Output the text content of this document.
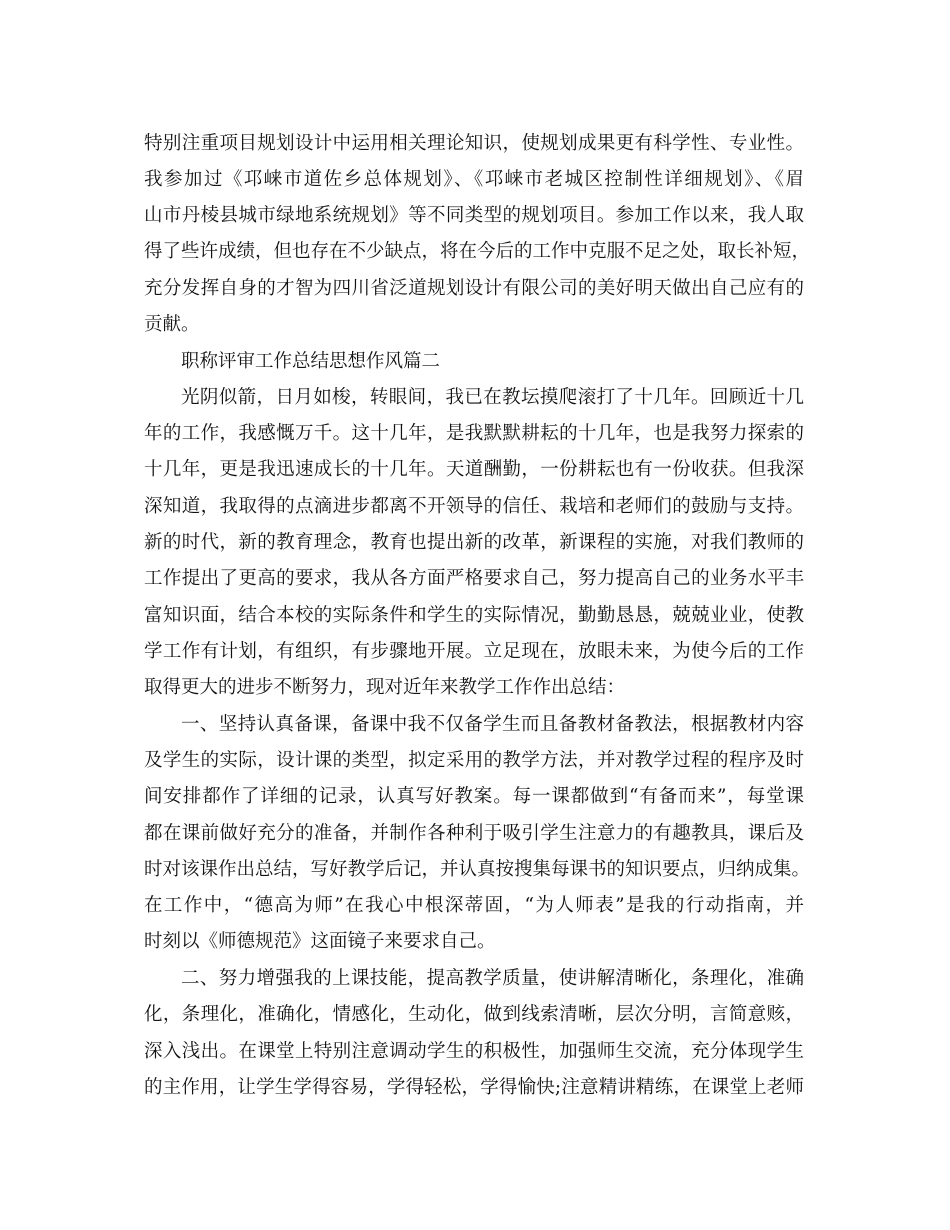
特别注重项目规划设计中运用相关理论知识，使规划成果更有科学性、专业性。
我参加过《邛崃市道佐乡总体规划》、《邛崃市老城区控制性详细规划》、《眉
山市丹棱县城市绿地系统规划》等不同类型的规划项目。参加工作以来，我人取
得了些许成绩，但也存在不少缺点，将在今后的工作中克服不足之处，取长补短，
充分发挥自身的才智为四川省泛道规划设计有限公司的美好明天做出自己应有的
贡献。
职称评审工作总结思想作风篇二
光阴似箭，日月如梭，转眼间，我已在教坛摸爬滚打了十几年。回顾近十几
年的工作，我感慨万千。这十几年，是我默默耕耘的十几年，也是我努力探索的
十几年，更是我迅速成长的十几年。天道酬勤，一份耕耘也有一份收获。但我深
深知道，我取得的点滴进步都离不开领导的信任、栽培和老师们的鼓励与支持。
新的时代，新的教育理念，教育也提出新的改革，新课程的实施，对我们教师的
工作提出了更高的要求，我从各方面严格要求自己，努力提高自己的业务水平丰
富知识面，结合本校的实际条件和学生的实际情况，勤勤恳恳，兢兢业业，使教
学工作有计划，有组织，有步骤地开展。立足现在，放眼未来，为使今后的工作
取得更大的进步不断努力，现对近年来教学工作作出总结：
一、坚持认真备课，备课中我不仅备学生而且备教材备教法，根据教材内容
及学生的实际，设计课的类型，拟定采用的教学方法，并对教学过程的程序及时
间安排都作了详细的记录，认真写好教案。每一课都做到“有备而来”，每堂课
都在课前做好充分的准备，并制作各种利于吸引学生注意力的有趣教具，课后及
时对该课作出总结，写好教学后记，并认真按搜集每课书的知识要点，归纳成集。
在工作中，“德高为师”在我心中根深蒂固，“为人师表”是我的行动指南，并
时刻以《师德规范》这面镜子来要求自己。
二、努力增强我的上课技能，提高教学质量，使讲解清晰化，条理化，准确
化，条理化，准确化，情感化，生动化，做到线索清晰，层次分明，言简意赅，
深入浅出。在课堂上特别注意调动学生的积极性，加强师生交流，充分体现学生
的主作用，让学生学得容易，学得轻松，学得愉快;注意精讲精练，在课堂上老师
